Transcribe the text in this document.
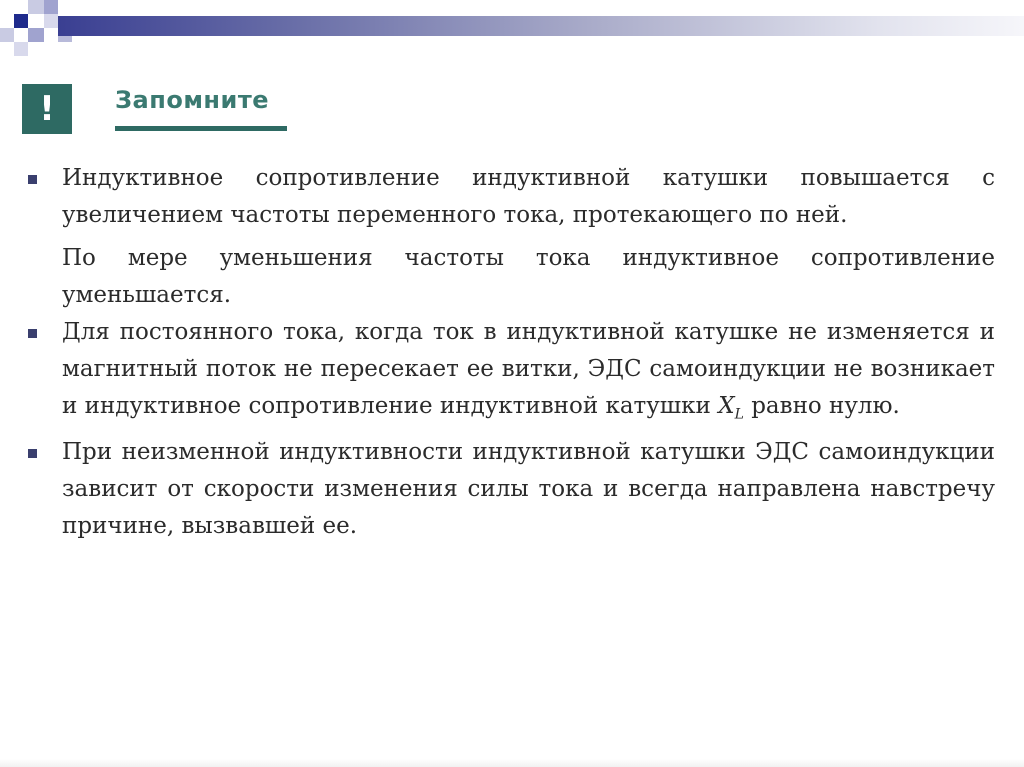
!	Запомните

Индуктивное сопротивление индуктивной катушки повышается с увеличением частоты переменного тока, протекающего по ней.

По мере уменьшения частоты тока индуктивное сопротивление уменьшается.

Для постоянного тока, когда ток в индуктивной катушке не изменяется и магнитный поток не пересекает ее витки, ЭДС самоиндукции не возникает и индуктивное сопротивление индуктивной катушки $X_L$ равно нулю.

При неизменной индуктивности индуктивной катушки ЭДС самоиндукции зависит от скорости изменения силы тока и всегда направлена навстречу причине, вызвавшей ее.
